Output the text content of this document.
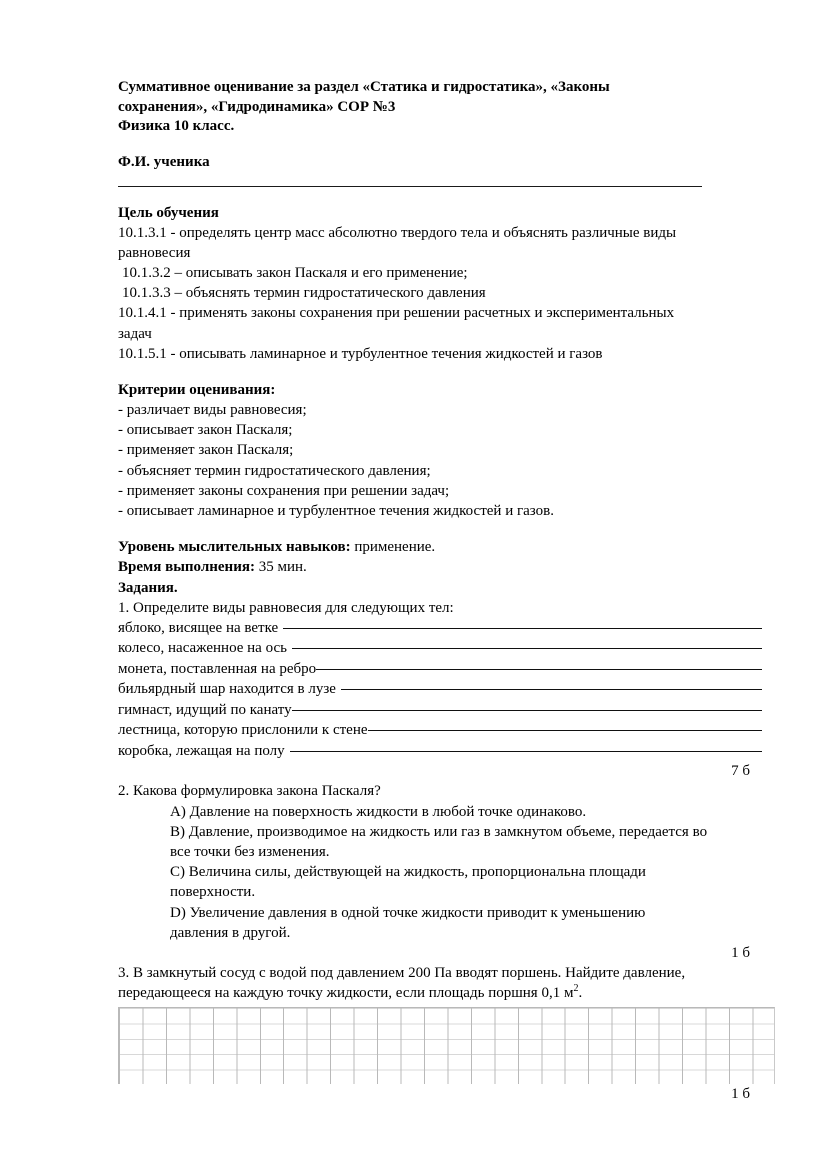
Суммативное оценивание за раздел «Статика и гидростатика», «Законы
сохранения», «Гидродинамика» СОР №3
Физика 10 класс.
Ф.И. ученика
Цель обучения
10.1.3.1 - определять центр масс абсолютно твердого тела и объяснять различные виды
равновесия
10.1.3.2 – описывать закон Паскаля и его применение;
10.1.3.3 – объяснять термин гидростатического давления
10.1.4.1 - применять законы сохранения при решении расчетных и экспериментальных
задач
10.1.5.1 - описывать ламинарное и турбулентное течения жидкостей и газов
Критерии оценивания:
- различает виды равновесия;
- описывает закон Паскаля;
- применяет закон Паскаля;
- объясняет термин гидростатического давления;
- применяет законы сохранения при решении задач;
- описывает ламинарное и турбулентное течения жидкостей и газов.
Уровень мыслительных навыков: применение.
Время выполнения: 35 мин.
Задания.
1. Определите виды равновесия для следующих тел:
яблоко, висящее на ветке
колесо, насаженное на ось
монета, поставленная на ребро
бильярдный шар находится в лузе
гимнаст, идущий по канату
лестница, которую прислонили к стене
коробка, лежащая на полу
7 б
2. Какова формулировка закона Паскаля?
A) Давление на поверхность жидкости в любой точке одинаково.
B) Давление, производимое на жидкость или газ в замкнутом объеме, передается во
все точки без изменения.
C) Величина силы, действующей на жидкость, пропорциональна площади
поверхности.
D) Увеличение давления в одной точке жидкости приводит к уменьшению
давления в другой.
1 б
3. В замкнутый сосуд с водой под давлением 200 Па вводят поршень. Найдите давление,
передающееся на каждую точку жидкости, если площадь поршня 0,1 $м^2$.
1 б
